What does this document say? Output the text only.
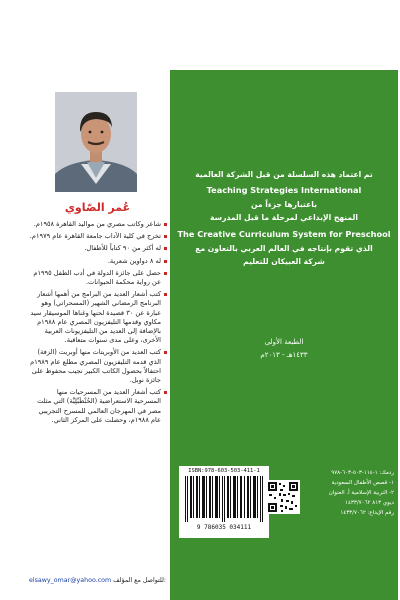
عُمر الصّاوي
شاعر وكاتب مصري من مواليد القاهرة ١٩٥٨م.
تخرج في كلية الآداب جامعة القاهرة عام ١٩٧٩م.
له أكثر من ٩٠ كتاباً للأطفال.
له ٨ دواوين شعرية.
حصل على جائزة الدولة في أدب الطفل ١٩٩٥م عن رواية محكمة الحيوانات.
كتب أشعار العديد من البرامج من أهمها أشعار البرنامج الرمضاني الشهير (المسحراتي) وهو عبارة عن ٣٠ قصيدة لحنها وغناها الموسيقار سيد مكاوي وقدمها التليفزيون المصري عام ١٩٨٨م بالإضافة إلى العديد من التليفزيونات العربية الأخرى، وعلى مدى سنوات متعاقبة.
كتب العديد من الأوبريتات منها أوبريت (الزفة) الذي قدمه التليفزيون المصري مطلع عام ١٩٨٩م احتفالاً بحصول الكاتب الكبير نجيب محفوظ على جائزة نوبل.
كتب أشعار العديد من المسرحيات منها المسرحية الاستعراضية (الحُنْطَبْلِيَّة) التي مثلت مصر في المهرجان العالمي للمسرح التجريبي عام ١٩٨٨م، وحصلت على المركز الثاني.
elsawy_omar@yahoo.com للتواصل مع المؤلف:
تم اعتماد هذه السلسلة من قبل الشركة العالمية
Teaching Strategies International
باعتبارها جزءاً من
المنهج الإبداعي لمرحلة ما قبل المدرسة
The Creative Curriculum System for Preschool
الذي تقوم بإنتاجه في العالم العربي بالتعاون مع
شركة العبيكان للتعليم
الطبعة الأولى
١٤٣٣هـ - ٢٠١٣م
ISBN:978-603-503-411-1
9 786035 034111
ردمك: ١-١١٤-٥٠٣-٦٠٣-٩٧٨
١- قصص الأطفال السعودية
٢- التربية الإسلامية أ. العنوان
ديوي ٨١٣ ١٤٣٣/٧٠٦٢
رقم الإيداع: ١٤٣٣/٧٠٦٢
